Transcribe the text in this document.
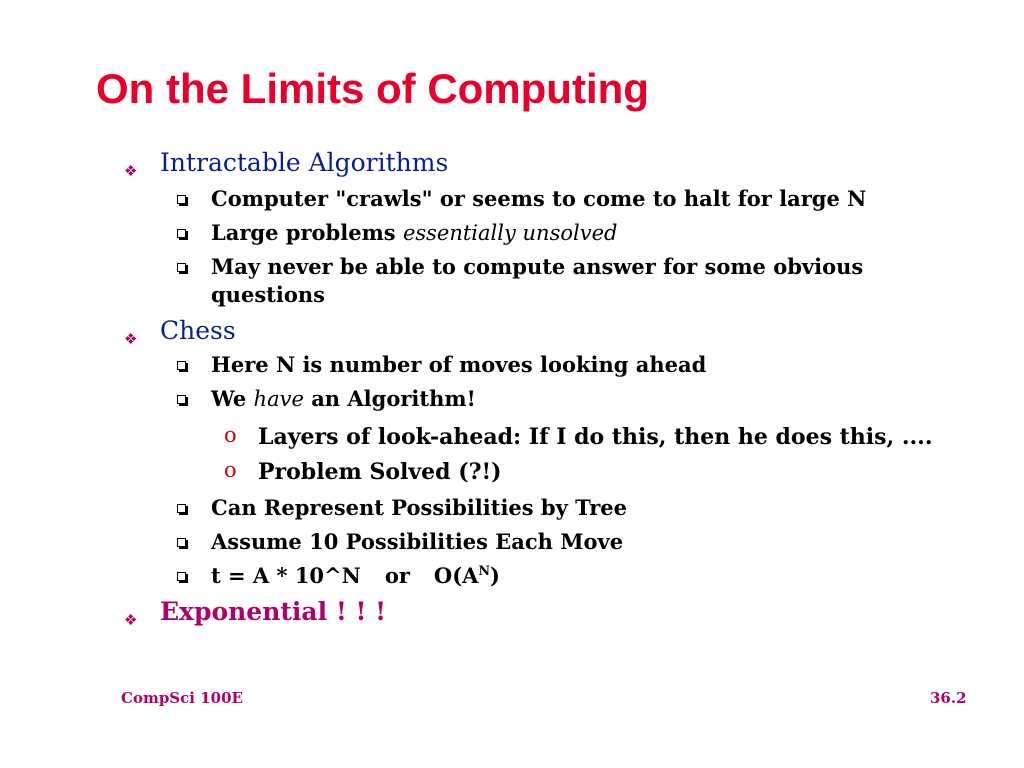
On the Limits of Computing
❖ Intractable Algorithms
Computer "crawls" or seems to come to halt for large N
Large problems essentially unsolved
May never be able to compute answer for some obvious
questions
❖ Chess
Here N is number of moves looking ahead
We have an Algorithm!
o Layers of look-ahead: If I do this, then he does this, ....
o Problem Solved (?!)
Can Represent Possibilities by Tree
Assume 10 Possibilities Each Move
t = A * 10^N or $O(A^N)$
❖ Exponential ! ! !
CompSci 100E	36.2
